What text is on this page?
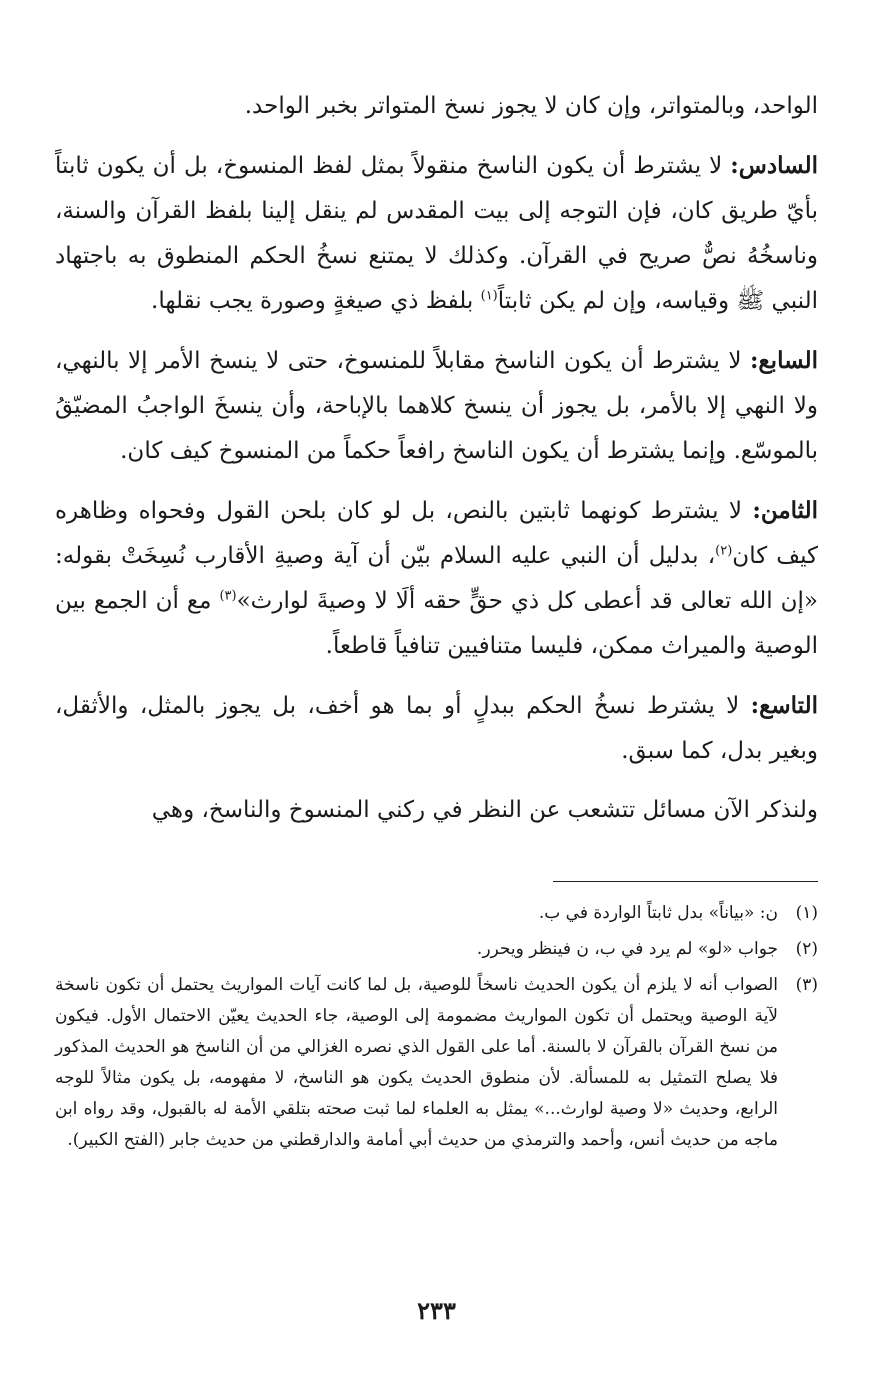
الواحد، وبالمتواتر، وإن كان لا يجوز نسخ المتواتر بخبر الواحد.

السادس: لا يشترط أن يكون الناسخ منقولاً بمثل لفظ المنسوخ، بل أن يكون ثابتاً بأيّ طريق كان، فإن التوجه إلى بيت المقدس لم ينقل إلينا بلفظ القرآن والسنة، وناسخُهُ نصٌّ صريح في القرآن. وكذلك لا يمتنع نسخُ الحكم المنطوق به باجتهاد النبي ﷺ وقياسه، وإن لم يكن ثابتاً$^{(١)}$ بلفظ ذي صيغةٍ وصورة يجب نقلها.

السابع: لا يشترط أن يكون الناسخ مقابلاً للمنسوخ، حتى لا ينسخ الأمر إلا بالنهي، ولا النهي إلا بالأمر، بل يجوز أن ينسخ كلاهما بالإباحة، وأن ينسخَ الواجبُ المضيّقُ بالموسّع. وإنما يشترط أن يكون الناسخ رافعاً حكماً من المنسوخ كيف كان.

الثامن: لا يشترط كونهما ثابتين بالنص، بل لو كان بلحن القول وفحواه وظاهره كيف كان$^{(٢)}$، بدليل أن النبي عليه السلام بيّن أن آية وصيةِ الأقارب نُسِخَتْ بقوله: «إن الله تعالى قد أعطى كل ذي حقٍّ حقه ألَا لا وصيةَ لوارث»$^{(٣)}$ مع أن الجمع بين الوصية والميراث ممكن، فليسا متنافيين تنافياً قاطعاً.

التاسع: لا يشترط نسخُ الحكم ببدلٍ أو بما هو أخف، بل يجوز بالمثل، والأثقل، وبغير بدل، كما سبق.

ولنذكر الآن مسائل تتشعب عن النظر في ركني المنسوخ والناسخ، وهي

(١)
ن: «بياناً» بدل ثابتاً الواردة في ب.
(٢)
جواب «لو» لم يرد في ب، ن فينظر ويحرر.
(٣)
الصواب أنه لا يلزم أن يكون الحديث ناسخاً للوصية، بل لما كانت آيات المواريث يحتمل أن تكون ناسخة لآية الوصية ويحتمل أن تكون المواريث مضمومة إلى الوصية، جاء الحديث يعيّن الاحتمال الأول. فيكون من نسخ القرآن بالقرآن لا بالسنة. أما على القول الذي نصره الغزالي من أن الناسخ هو الحديث المذكور فلا يصلح التمثيل به للمسألة. لأن منطوق الحديث يكون هو الناسخ، لا مفهومه، بل يكون مثالاً للوجه الرابع، وحديث «لا وصية لوارث...» يمثل به العلماء لما ثبت صحته بتلقي الأمة له بالقبول، وقد رواه ابن ماجه من حديث أنس، وأحمد والترمذي من حديث أبي أمامة والدارقطني من حديث جابر (الفتح الكبير).
٢٣٣
